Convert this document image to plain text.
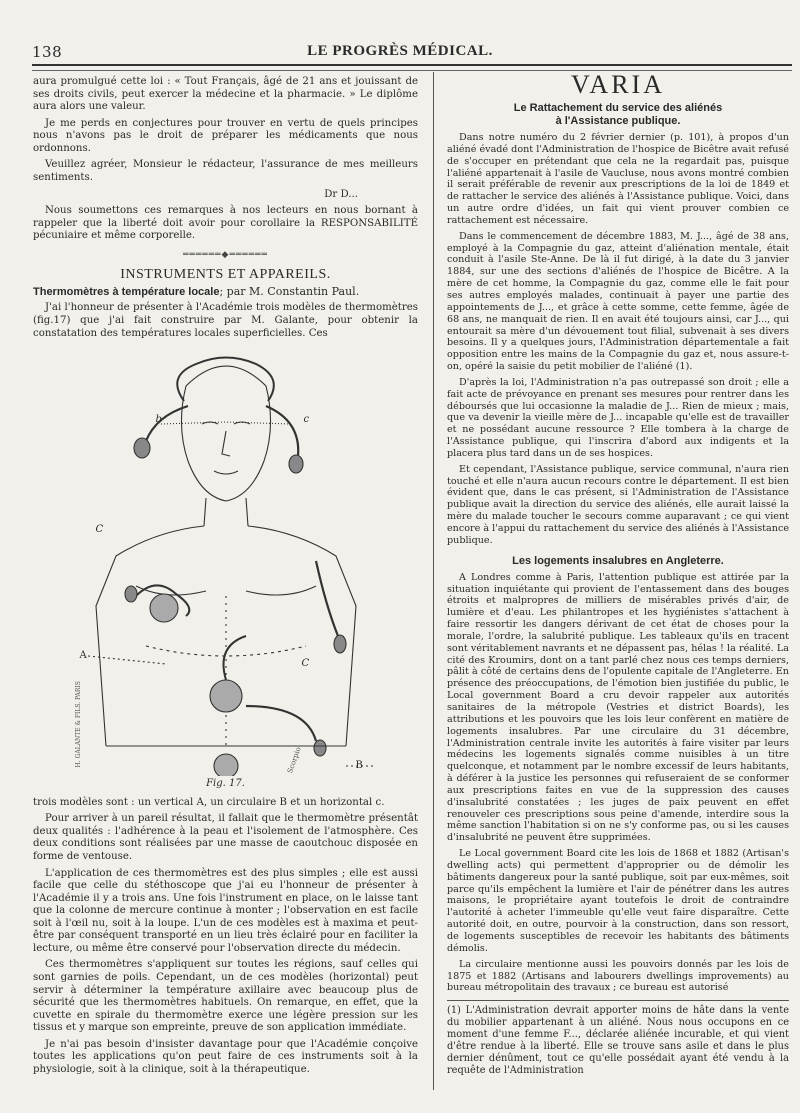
138	LE PROGRÈS MÉDICAL.

aura promulgué cette loi : « Tout Français, âgé de 21 ans et jouissant de ses droits civils, peut exercer la médecine et la pharmacie. » Le diplôme aura alors une valeur.

Je me perds en conjectures pour trouver en vertu de quels principes nous n'avons pas le droit de préparer les médicaments que nous ordonnons.

Veuillez agréer, Monsieur le rédacteur, l'assurance de mes meilleurs sentiments.

Dr D...

Nous soumettons ces remarques à nos lecteurs en nous bornant à rappeler que la liberté doit avoir pour corollaire la RESPONSABILITÉ pécuniaire et même corporelle.

══════◆══════
INSTRUMENTS ET APPAREILS.
Thermomètres à température locale; par M. Constantin Paul.

J'ai l'honneur de présenter à l'Académie trois modèles de thermomètres (fig.17) que j'ai fait construire par M. Galante, pour obtenir la constatation des températures locales superficielles. Ces

b	c
C
A
C
B
H. GALANTE & FILS. PARIS	Scorpio
Fig. 17.

trois modèles sont : un vertical A, un circulaire B et un horizontal c.

Pour arriver à un pareil résultat, il fallait que le thermomètre présentât deux qualités : l'adhérence à la peau et l'isolement de l'atmosphère. Ces deux conditions sont réalisées par une masse de caoutchouc disposée en forme de ventouse.

L'application de ces thermomètres est des plus simples ; elle est aussi facile que celle du stéthoscope que j'ai eu l'honneur de présenter à l'Académie il y a trois ans. Une fois l'instrument en place, on le laisse tant que la colonne de mercure continue à monter ; l'observation en est facile soit à l'œil nu, soit à la loupe. L'un de ces modèles est à maxima et peut-être par conséquent transporté en un lieu très éclairé pour en faciliter la lecture, ou même être conservé pour l'observation directe du médecin.

Ces thermomètres s'appliquent sur toutes les régions, sauf celles qui sont garnies de poils. Cependant, un de ces modèles (horizontal) peut servir à déterminer la température axillaire avec beaucoup plus de sécurité que les thermomètres habituels. On remarque, en effet, que la cuvette en spirale du thermomètre exerce une légère pression sur les tissus et y marque son empreinte, preuve de son application immédiate.

Je n'ai pas besoin d'insister davantage pour que l'Académie conçoive toutes les applications qu'on peut faire de ces instruments soit à la physiologie, soit à la clinique, soit à la thérapeutique.

VARIA
Le Rattachement du service des aliénés
à l'Assistance publique.

Dans notre numéro du 2 février dernier (p. 101), à propos d'un aliéné évadé dont l'Administration de l'hospice de Bicêtre avait refusé de s'occuper en prétendant que cela ne la regardait pas, puisque l'aliéné appartenait à l'asile de Vaucluse, nous avons montré combien il serait préférable de revenir aux prescriptions de la loi de 1849 et de rattacher le service des aliénés à l'Assistance publique. Voici, dans un autre ordre d'idées, un fait qui vient prouver combien ce rattachement est nécessaire.

Dans le commencement de décembre 1883, M. J..., âgé de 38 ans, employé à la Compagnie du gaz, atteint d'aliénation mentale, était conduit à l'asile Ste-Anne. De là il fut dirigé, à la date du 3 janvier 1884, sur une des sections d'aliénés de l'hospice de Bicêtre. A la mère de cet homme, la Compagnie du gaz, comme elle le fait pour ses autres employés malades, continuait à payer une partie des appointements de J..., et grâce à cette somme, cette femme, âgée de 68 ans, ne manquait de rien. Il en avait été toujours ainsi, car J..., qui entourait sa mère d'un dévouement tout filial, subvenait à ses divers besoins. Il y a quelques jours, l'Administration départementale a fait opposition entre les mains de la Compagnie du gaz et, nous assure-t-on, opéré la saisie du petit mobilier de l'aliéné (1).

D'après la loi, l'Administration n'a pas outrepassé son droit ; elle a fait acte de prévoyance en prenant ses mesures pour rentrer dans les déboursés que lui occasionne la maladie de J... Rien de mieux ; mais, que va devenir la vieille mère de J... incapable qu'elle est de travailler et ne possédant aucune ressource ? Elle tombera à la charge de l'Assistance publique, qui l'inscrira d'abord aux indigents et la placera plus tard dans un de ses hospices.

Et cependant, l'Assistance publique, service communal, n'aura rien touché et elle n'aura aucun recours contre le département. Il est bien évident que, dans le cas présent, si l'Administration de l'Assistance publique avait la direction du service des aliénés, elle aurait laissé la mère du malade toucher le secours comme auparavant ; ce qui vient encore à l'appui du rattachement du service des aliénés à l'Assistance publique.

Les logements insalubres en Angleterre.

A Londres comme à Paris, l'attention publique est attirée par la situation inquiétante qui provient de l'entassement dans des bouges étroits et malpropres de milliers de misérables privés d'air, de lumière et d'eau. Les philantropes et les hygiénistes s'attachent à faire ressortir les dangers dérivant de cet état de choses pour la morale, l'ordre, la salubrité publique. Les tableaux qu'ils en tracent sont véritablement navrants et ne dépassent pas, hélas ! la réalité. La cité des Kroumirs, dont on a tant parlé chez nous ces temps derniers, pâlit à côté de certains dens de l'opulente capitale de l'Angleterre. En présence des préoccupations, de l'émotion bien justifiée du public, le Local government Board a cru devoir rappeler aux autorités sanitaires de la métropole (Vestries et district Boards), les attributions et les pouvoirs que les lois leur confèrent en matière de logements insalubres. Par une circulaire du 31 décembre, l'Administration centrale invite les autorités à faire visiter par leurs médecins les logements signalés comme nuisibles à un titre quelconque, et notamment par le nombre excessif de leurs habitants, à déférer à la justice les personnes qui refuseraient de se conformer aux prescriptions faites en vue de la suppression des causes d'insalubrité constatées ; les juges de paix peuvent en effet renouveler ces prescriptions sous peine d'amende, interdire sous la même sanction l'habitation si on ne s'y conforme pas, ou si les causes d'insalubrité ne peuvent être supprimées.

Le Local government Board cite les lois de 1868 et 1882 (Artisan's dwelling acts) qui permettent d'approprier ou de démolir les bâtiments dangereux pour la santé publique, soit par eux-mêmes, soit parce qu'ils empêchent la lumière et l'air de pénétrer dans les autres maisons, le propriétaire ayant toutefois le droit de contraindre l'autorité à acheter l'immeuble qu'elle veut faire disparaître. Cette autorité doit, en outre, pourvoir à la construction, dans son ressort, de logements susceptibles de recevoir les habitants des bâtiments démolis.

La circulaire mentionne aussi les pouvoirs donnés par les lois de 1875 et 1882 (Artisans and labourers dwellings improvements) au bureau métropolitain des travaux ; ce bureau est autorisé

(1) L'Administration devrait apporter moins de hâte dans la vente du mobilier appartenant à un aliéné. Nous nous occupons en ce moment d'une femme F..., déclarée aliénée incurable, et qui vient d'être rendue à la liberté. Elle se trouve sans asile et dans le plus dernier dénûment, tout ce qu'elle possédait ayant été vendu à la requête de l'Administration
